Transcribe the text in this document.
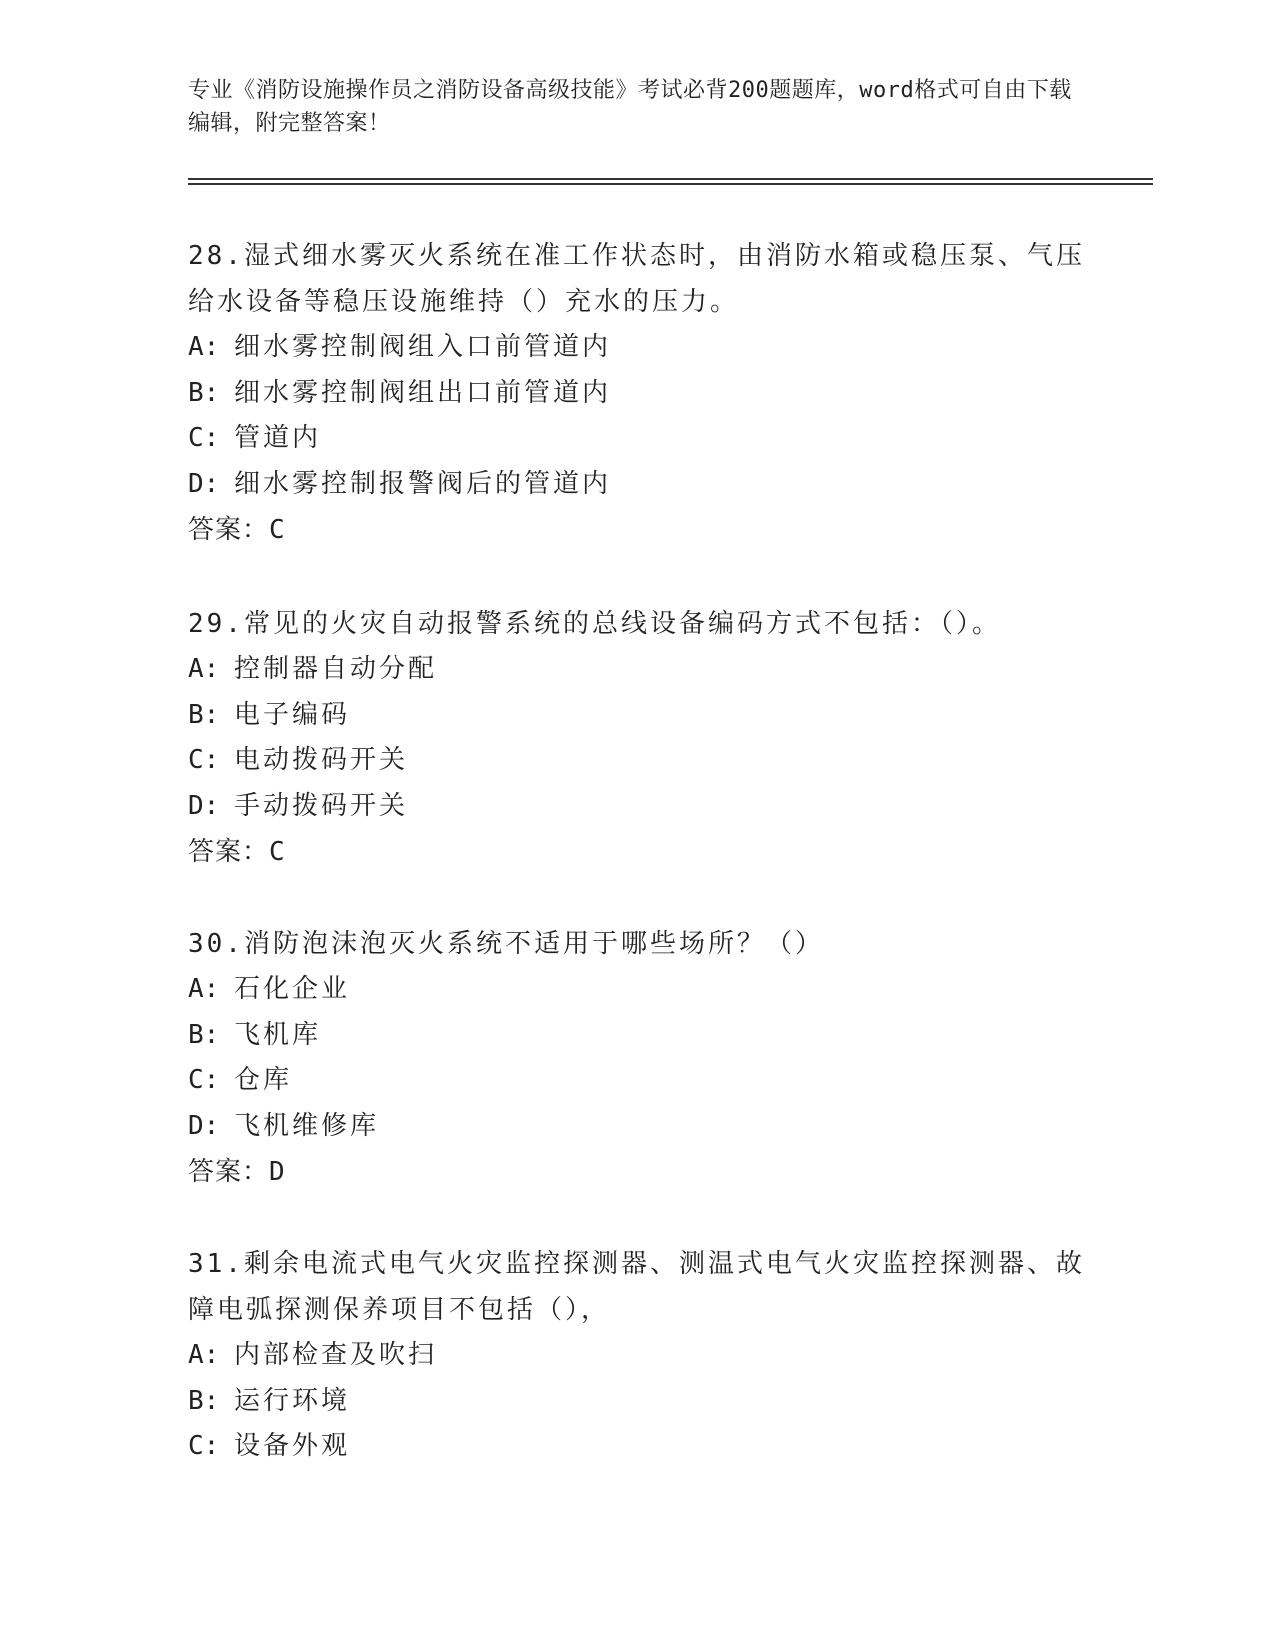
专业《消防设施操作员之消防设备高级技能》考试必背200题题库，word格式可自由下载编辑，附完整答案！

28.湿式细水雾灭火系统在准工作状态时，由消防水箱或稳压泵、气压给水设备等稳压设施维持（）充水的压力。

A: 细水雾控制阀组入口前管道内
B: 细水雾控制阀组出口前管道内
C: 管道内
D: 细水雾控制报警阀后的管道内
答案：C

29.常见的火灾自动报警系统的总线设备编码方式不包括：（）。

A: 控制器自动分配
B: 电子编码
C: 电动拨码开关
D: 手动拨码开关
答案：C

30.消防泡沫泡灭火系统不适用于哪些场所？（）

A: 石化企业
B: 飞机库
C: 仓库
D: 飞机维修库
答案：D

31.剩余电流式电气火灾监控探测器、测温式电气火灾监控探测器、故障电弧探测保养项目不包括（），

A: 内部检查及吹扫
B: 运行环境
C: 设备外观
